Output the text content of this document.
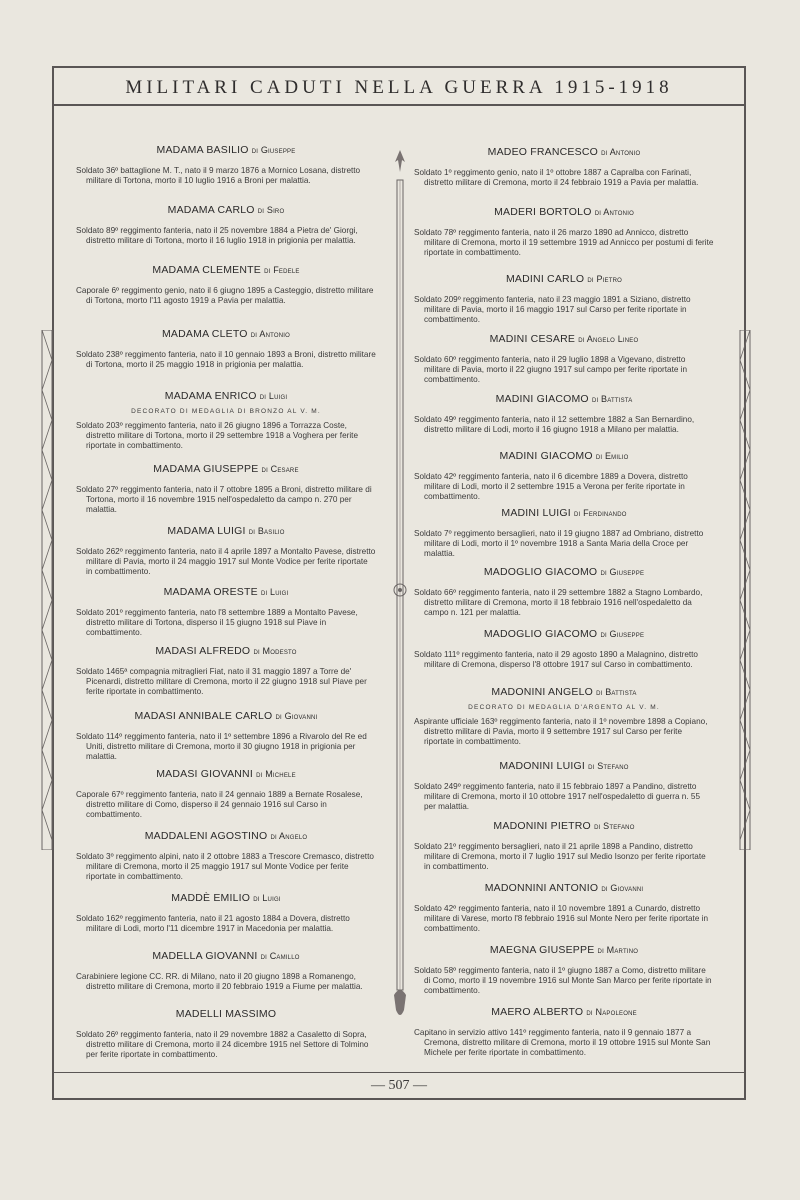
MILITARI CADUTI NELLA GUERRA 1915-1918
MADAMA BASILIO di Giuseppe
Soldato 36º battaglione M. T., nato il 9 marzo 1876 a Mornico Losana, distretto militare di Tortona, morto il 10 luglio 1916 a Broni per malattia.
MADAMA CARLO di Siro
Soldato 89º reggimento fanteria, nato il 25 novembre 1884 a Pietra de' Giorgi, distretto militare di Tortona, morto il 16 luglio 1918 in prigionia per malattia.
MADAMA CLEMENTE di Fedele
Caporale 6º reggimento genio, nato il 6 giugno 1895 a Casteggio, distretto militare di Tortona, morto l'11 agosto 1919 a Pavia per malattia.
MADAMA CLETO di Antonio
Soldato 238º reggimento fanteria, nato il 10 gennaio 1893 a Broni, distretto militare di Tortona, morto il 25 maggio 1918 in prigionia per malattia.
MADAMA ENRICO di Luigi
DECORATO DI MEDAGLIA DI BRONZO AL V. M.
Soldato 203º reggimento fanteria, nato il 26 giugno 1896 a Torrazza Coste, distretto militare di Tortona, morto il 29 settembre 1918 a Voghera per ferite riportate in combattimento.
MADAMA GIUSEPPE di Cesare
Soldato 27º reggimento fanteria, nato il 7 ottobre 1895 a Broni, distretto militare di Tortona, morto il 16 novembre 1915 nell'ospedaletto da campo n. 270 per malattia.
MADAMA LUIGI di Basilio
Soldato 262º reggimento fanteria, nato il 4 aprile 1897 a Montalto Pavese, distretto militare di Pavia, morto il 24 maggio 1917 sul Monte Vodice per ferite riportate in combattimento.
MADAMA ORESTE di Luigi
Soldato 201º reggimento fanteria, nato l'8 settembre 1889 a Montalto Pavese, distretto militare di Tortona, disperso il 15 giugno 1918 sul Piave in combattimento.
MADASI ALFREDO di Modesto
Soldato 1465ª compagnia mitraglieri Fiat, nato il 31 maggio 1897 a Torre de' Picenardi, distretto militare di Cremona, morto il 22 giugno 1918 sul Piave per ferite riportate in combattimento.
MADASI ANNIBALE CARLO di Giovanni
Soldato 114º reggimento fanteria, nato il 1º settembre 1896 a Rivarolo del Re ed Uniti, distretto militare di Cremona, morto il 30 giugno 1918 in prigionia per malattia.
MADASI GIOVANNI di Michele
Caporale 67º reggimento fanteria, nato il 24 gennaio 1889 a Bernate Rosalese, distretto militare di Como, disperso il 24 gennaio 1916 sul Carso in combattimento.
MADDALENI AGOSTINO di Angelo
Soldato 3º reggimento alpini, nato il 2 ottobre 1883 a Trescore Cremasco, distretto militare di Cremona, morto il 25 maggio 1917 sul Monte Vodice per ferite riportate in combattimento.
MADDÈ EMILIO di Luigi
Soldato 162º reggimento fanteria, nato il 21 agosto 1884 a Dovera, distretto militare di Lodi, morto l'11 dicembre 1917 in Macedonia per malattia.
MADELLA GIOVANNI di Camillo
Carabiniere legione CC. RR. di Milano, nato il 20 giugno 1898 a Romanengo, distretto militare di Cremona, morto il 20 febbraio 1919 a Fiume per malattia.
MADELLI MASSIMO
Soldato 26º reggimento fanteria, nato il 29 novembre 1882 a Casaletto di Sopra, distretto militare di Cremona, morto il 24 dicembre 1915 nel Settore di Tolmino per ferite riportate in combattimento.
MADEO FRANCESCO di Antonio
Soldato 1º reggimento genio, nato il 1º ottobre 1887 a Capralba con Farinati, distretto militare di Cremona, morto il 24 febbraio 1919 a Pavia per malattia.
MADERI BORTOLO di Antonio
Soldato 78º reggimento fanteria, nato il 26 marzo 1890 ad Annicco, distretto militare di Cremona, morto il 19 settembre 1919 ad Annicco per postumi di ferite riportate in combattimento.
MADINI CARLO di Pietro
Soldato 209º reggimento fanteria, nato il 23 maggio 1891 a Siziano, distretto militare di Pavia, morto il 16 maggio 1917 sul Carso per ferite riportate in combattimento.
MADINI CESARE di Angelo Lineo
Soldato 60º reggimento fanteria, nato il 29 luglio 1898 a Vigevano, distretto militare di Pavia, morto il 22 giugno 1917 sul campo per ferite riportate in combattimento.
MADINI GIACOMO di Battista
Soldato 49º reggimento fanteria, nato il 12 settembre 1882 a San Bernardino, distretto militare di Lodi, morto il 16 giugno 1918 a Milano per malattia.
MADINI GIACOMO di Emilio
Soldato 42º reggimento fanteria, nato il 6 dicembre 1889 a Dovera, distretto militare di Lodi, morto il 2 settembre 1915 a Verona per ferite riportate in combattimento.
MADINI LUIGI di Ferdinando
Soldato 7º reggimento bersaglieri, nato il 19 giugno 1887 ad Ombriano, distretto militare di Lodi, morto il 1º novembre 1918 a Santa Maria della Croce per malattia.
MADOGLIO GIACOMO di Giuseppe
Soldato 66º reggimento fanteria, nato il 29 settembre 1882 a Stagno Lombardo, distretto militare di Cremona, morto il 18 febbraio 1916 nell'ospedaletto da campo n. 121 per malattia.
MADOGLIO GIACOMO di Giuseppe
Soldato 111º reggimento fanteria, nato il 29 agosto 1890 a Malagnino, distretto militare di Cremona, disperso l'8 ottobre 1917 sul Carso in combattimento.
MADONINI ANGELO di Battista
DECORATO DI MEDAGLIA D'ARGENTO AL V. M.
Aspirante ufficiale 163º reggimento fanteria, nato il 1º novembre 1898 a Copiano, distretto militare di Pavia, morto il 9 settembre 1917 sul Carso per ferite riportate in combattimento.
MADONINI LUIGI di Stefano
Soldato 249º reggimento fanteria, nato il 15 febbraio 1897 a Pandino, distretto militare di Cremona, morto il 10 ottobre 1917 nell'ospedaletto di guerra n. 55 per malattia.
MADONINI PIETRO di Stefano
Soldato 21º reggimento bersaglieri, nato il 21 aprile 1898 a Pandino, distretto militare di Cremona, morto il 7 luglio 1917 sul Medio Isonzo per ferite riportate in combattimento.
MADONNINI ANTONIO di Giovanni
Soldato 42º reggimento fanteria, nato il 10 novembre 1891 a Cunardo, distretto militare di Varese, morto l'8 febbraio 1916 sul Monte Nero per ferite riportate in combattimento.
MAEGNA GIUSEPPE di Martino
Soldato 58º reggimento fanteria, nato il 1º giugno 1887 a Como, distretto militare di Como, morto il 19 novembre 1916 sul Monte San Marco per ferite riportate in combattimento.
MAERO ALBERTO di Napoleone
Capitano in servizio attivo 141º reggimento fanteria, nato il 9 gennaio 1877 a Cremona, distretto militare di Cremona, morto il 19 ottobre 1915 sul Monte San Michele per ferite riportate in combattimento.
— 507 —
